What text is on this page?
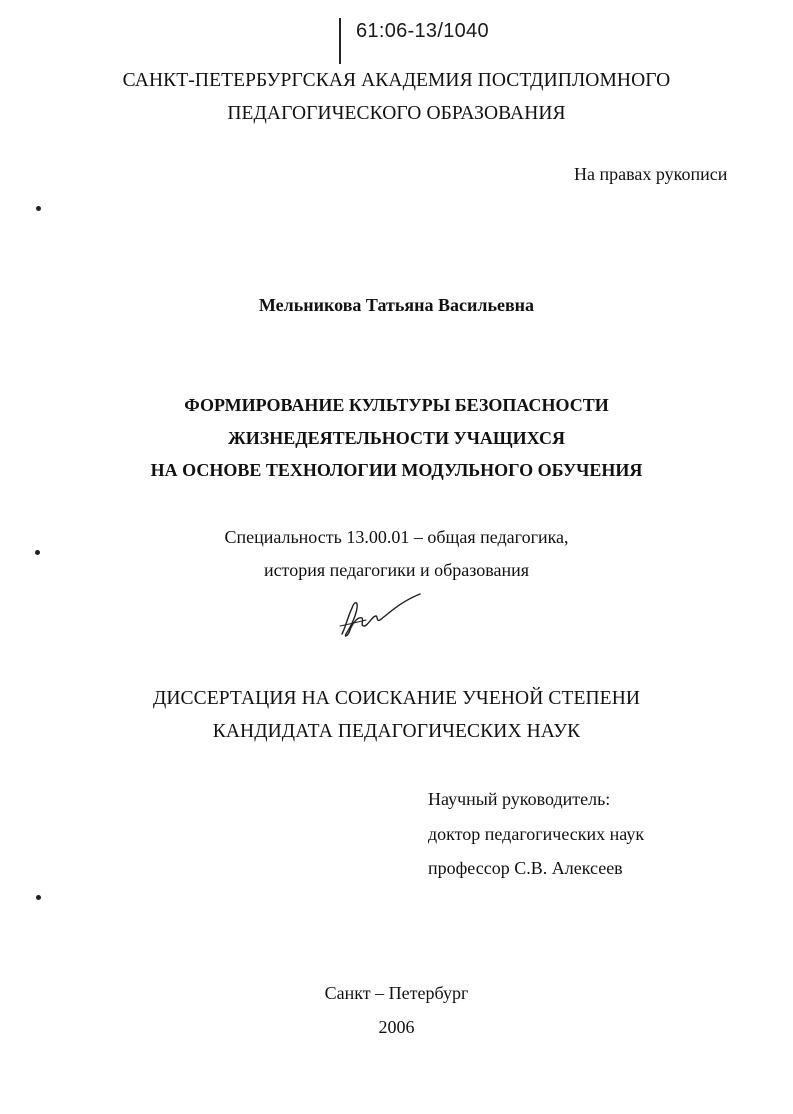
61:06-13/1040
САНКТ-ПЕТЕРБУРГСКАЯ АКАДЕМИЯ ПОСТДИПЛОМНОГО
ПЕДАГОГИЧЕСКОГО ОБРАЗОВАНИЯ
На правах рукописи
Мельникова Татьяна Васильевна
ФОРМИРОВАНИЕ КУЛЬТУРЫ БЕЗОПАСНОСТИ
ЖИЗНЕДЕЯТЕЛЬНОСТИ УЧАЩИХСЯ
НА ОСНОВЕ ТЕХНОЛОГИИ МОДУЛЬНОГО ОБУЧЕНИЯ
Специальность 13.00.01 – общая педагогика,
история педагогики и образования
ДИССЕРТАЦИЯ НА СОИСКАНИЕ УЧЕНОЙ СТЕПЕНИ
КАНДИДАТА ПЕДАГОГИЧЕСКИХ НАУК
Научный руководитель:
доктор педагогических наук
профессор С.В. Алексеев
Санкт – Петербург
2006
